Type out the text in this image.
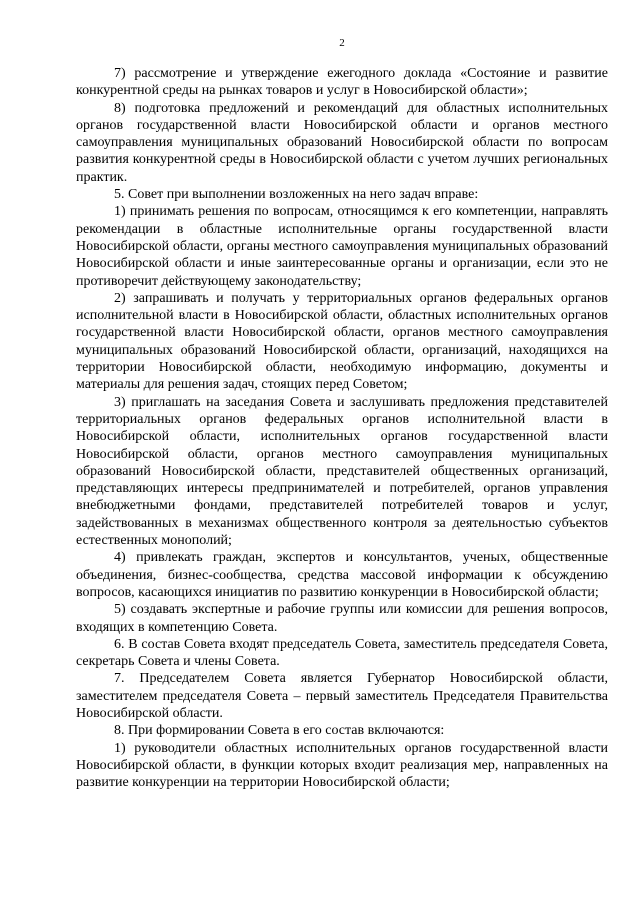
2

7) рассмотрение и утверждение ежегодного доклада «Состояние и развитие конкурентной среды на рынках товаров и услуг в Новосибирской области»;

8) подготовка предложений и рекомендаций для областных исполнительных органов государственной власти Новосибирской области и органов местного самоуправления муниципальных образований Новосибирской области по вопросам развития конкурентной среды в Новосибирской области с учетом лучших региональных практик.

5. Совет при выполнении возложенных на него задач вправе:

1) принимать решения по вопросам, относящимся к его компетенции, направлять рекомендации в областные исполнительные органы государственной власти Новосибирской области, органы местного самоуправления муниципальных образований Новосибирской области и иные заинтересованные органы и организации, если это не противоречит действующему законодательству;

2) запрашивать и получать у территориальных органов федеральных органов исполнительной власти в Новосибирской области, областных исполнительных органов государственной власти Новосибирской области, органов местного самоуправления муниципальных образований Новосибирской области, организаций, находящихся на территории Новосибирской области, необходимую информацию, документы и материалы для решения задач, стоящих перед Советом;

3) приглашать на заседания Совета и заслушивать предложения представителей территориальных органов федеральных органов исполнительной власти в Новосибирской области, исполнительных органов государственной власти Новосибирской области, органов местного самоуправления муниципальных образований Новосибирской области, представителей общественных организаций, представляющих интересы предпринимателей и потребителей, органов управления внебюджетными фондами, представителей потребителей товаров и услуг, задействованных в механизмах общественного контроля за деятельностью субъектов естественных монополий;

4) привлекать граждан, экспертов и консультантов, ученых, общественные объединения, бизнес-сообщества, средства массовой информации к обсуждению вопросов, касающихся инициатив по развитию конкуренции в Новосибирской области;

5) создавать экспертные и рабочие группы или комиссии для решения вопросов, входящих в компетенцию Совета.

6. В состав Совета входят председатель Совета, заместитель председателя Совета, секретарь Совета и члены Совета.

7. Председателем Совета является Губернатор Новосибирской области, заместителем председателя Совета – первый заместитель Председателя Правительства Новосибирской области.

8. При формировании Совета в его состав включаются:

1) руководители областных исполнительных органов государственной власти Новосибирской области, в функции которых входит реализация мер, направленных на развитие конкуренции на территории Новосибирской области;
